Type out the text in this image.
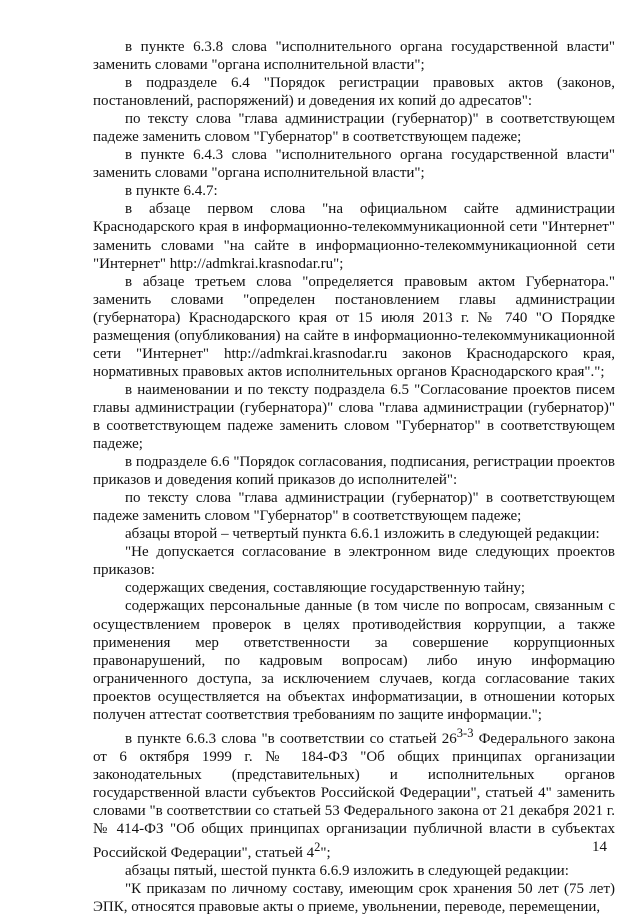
в пункте 6.3.8 слова "исполнительного органа государственной власти" заменить словами "органа исполнительной власти";

в подразделе 6.4 "Порядок регистрации правовых актов (законов, постановлений, распоряжений) и доведения их копий до адресатов":

по тексту слова "глава администрации (губернатор)" в соответствующем падеже заменить словом "Губернатор" в соответствующем падеже;

в пункте 6.4.3 слова "исполнительного органа государственной власти" заменить словами "органа исполнительной власти";

в пункте 6.4.7:

в абзаце первом слова "на официальном сайте администрации Краснодарского края в информационно-телекоммуникационной сети "Интернет" заменить словами "на сайте в информационно-телекоммуникационной сети "Интернет" http://admkrai.krasnodar.ru";

в абзаце третьем слова "определяется правовым актом Губернатора." заменить словами "определен постановлением главы администрации (губернатора) Краснодарского края от 15 июля 2013 г. № 740 "О Порядке размещения (опубликования) на сайте в информационно-телекоммуникационной сети "Интернет" http://admkrai.krasnodar.ru законов Краснодарского края, нормативных правовых актов исполнительных органов Краснодарского края".";

в наименовании и по тексту подраздела 6.5 "Согласование проектов писем главы администрации (губернатора)" слова "глава администрации (губернатор)" в соответствующем падеже заменить словом "Губернатор" в соответствующем падеже;

в подразделе 6.6 "Порядок согласования, подписания, регистрации проектов приказов и доведения копий приказов до исполнителей":

по тексту слова "глава администрации (губернатор)" в соответствующем падеже заменить словом "Губернатор" в соответствующем падеже;

абзацы второй – четвертый пункта 6.6.1 изложить в следующей редакции:

"Не допускается согласование в электронном виде следующих проектов приказов:

содержащих сведения, составляющие государственную тайну;

содержащих персональные данные (в том числе по вопросам, связанным с осуществлением проверок в целях противодействия коррупции, а также применения мер ответственности за совершение коррупционных правонарушений, по кадровым вопросам) либо иную информацию ограниченного доступа, за исключением случаев, когда согласование таких проектов осуществляется на объектах информатизации, в отношении которых получен аттестат соответствия требованиям по защите информации.";

в пункте 6.6.3 слова "в соответствии со статьей 26$^{3-3}$ Федерального закона от 6 октября 1999 г. № 184-ФЗ "Об общих принципах организации законодательных (представительных) и исполнительных органов государственной власти субъектов Российской Федерации", статьей 4" заменить словами "в соответствии со статьей 53 Федерального закона от 21 декабря 2021 г. № 414-ФЗ "Об общих принципах организации публичной власти в субъектах Российской Федерации", статьей $4^2$";

абзацы пятый, шестой пункта 6.6.9 изложить в следующей редакции:

"К приказам по личному составу, имеющим срок хранения 50 лет (75 лет) ЭПК, относятся правовые акты о приеме, увольнении, переводе, перемещении,

14
